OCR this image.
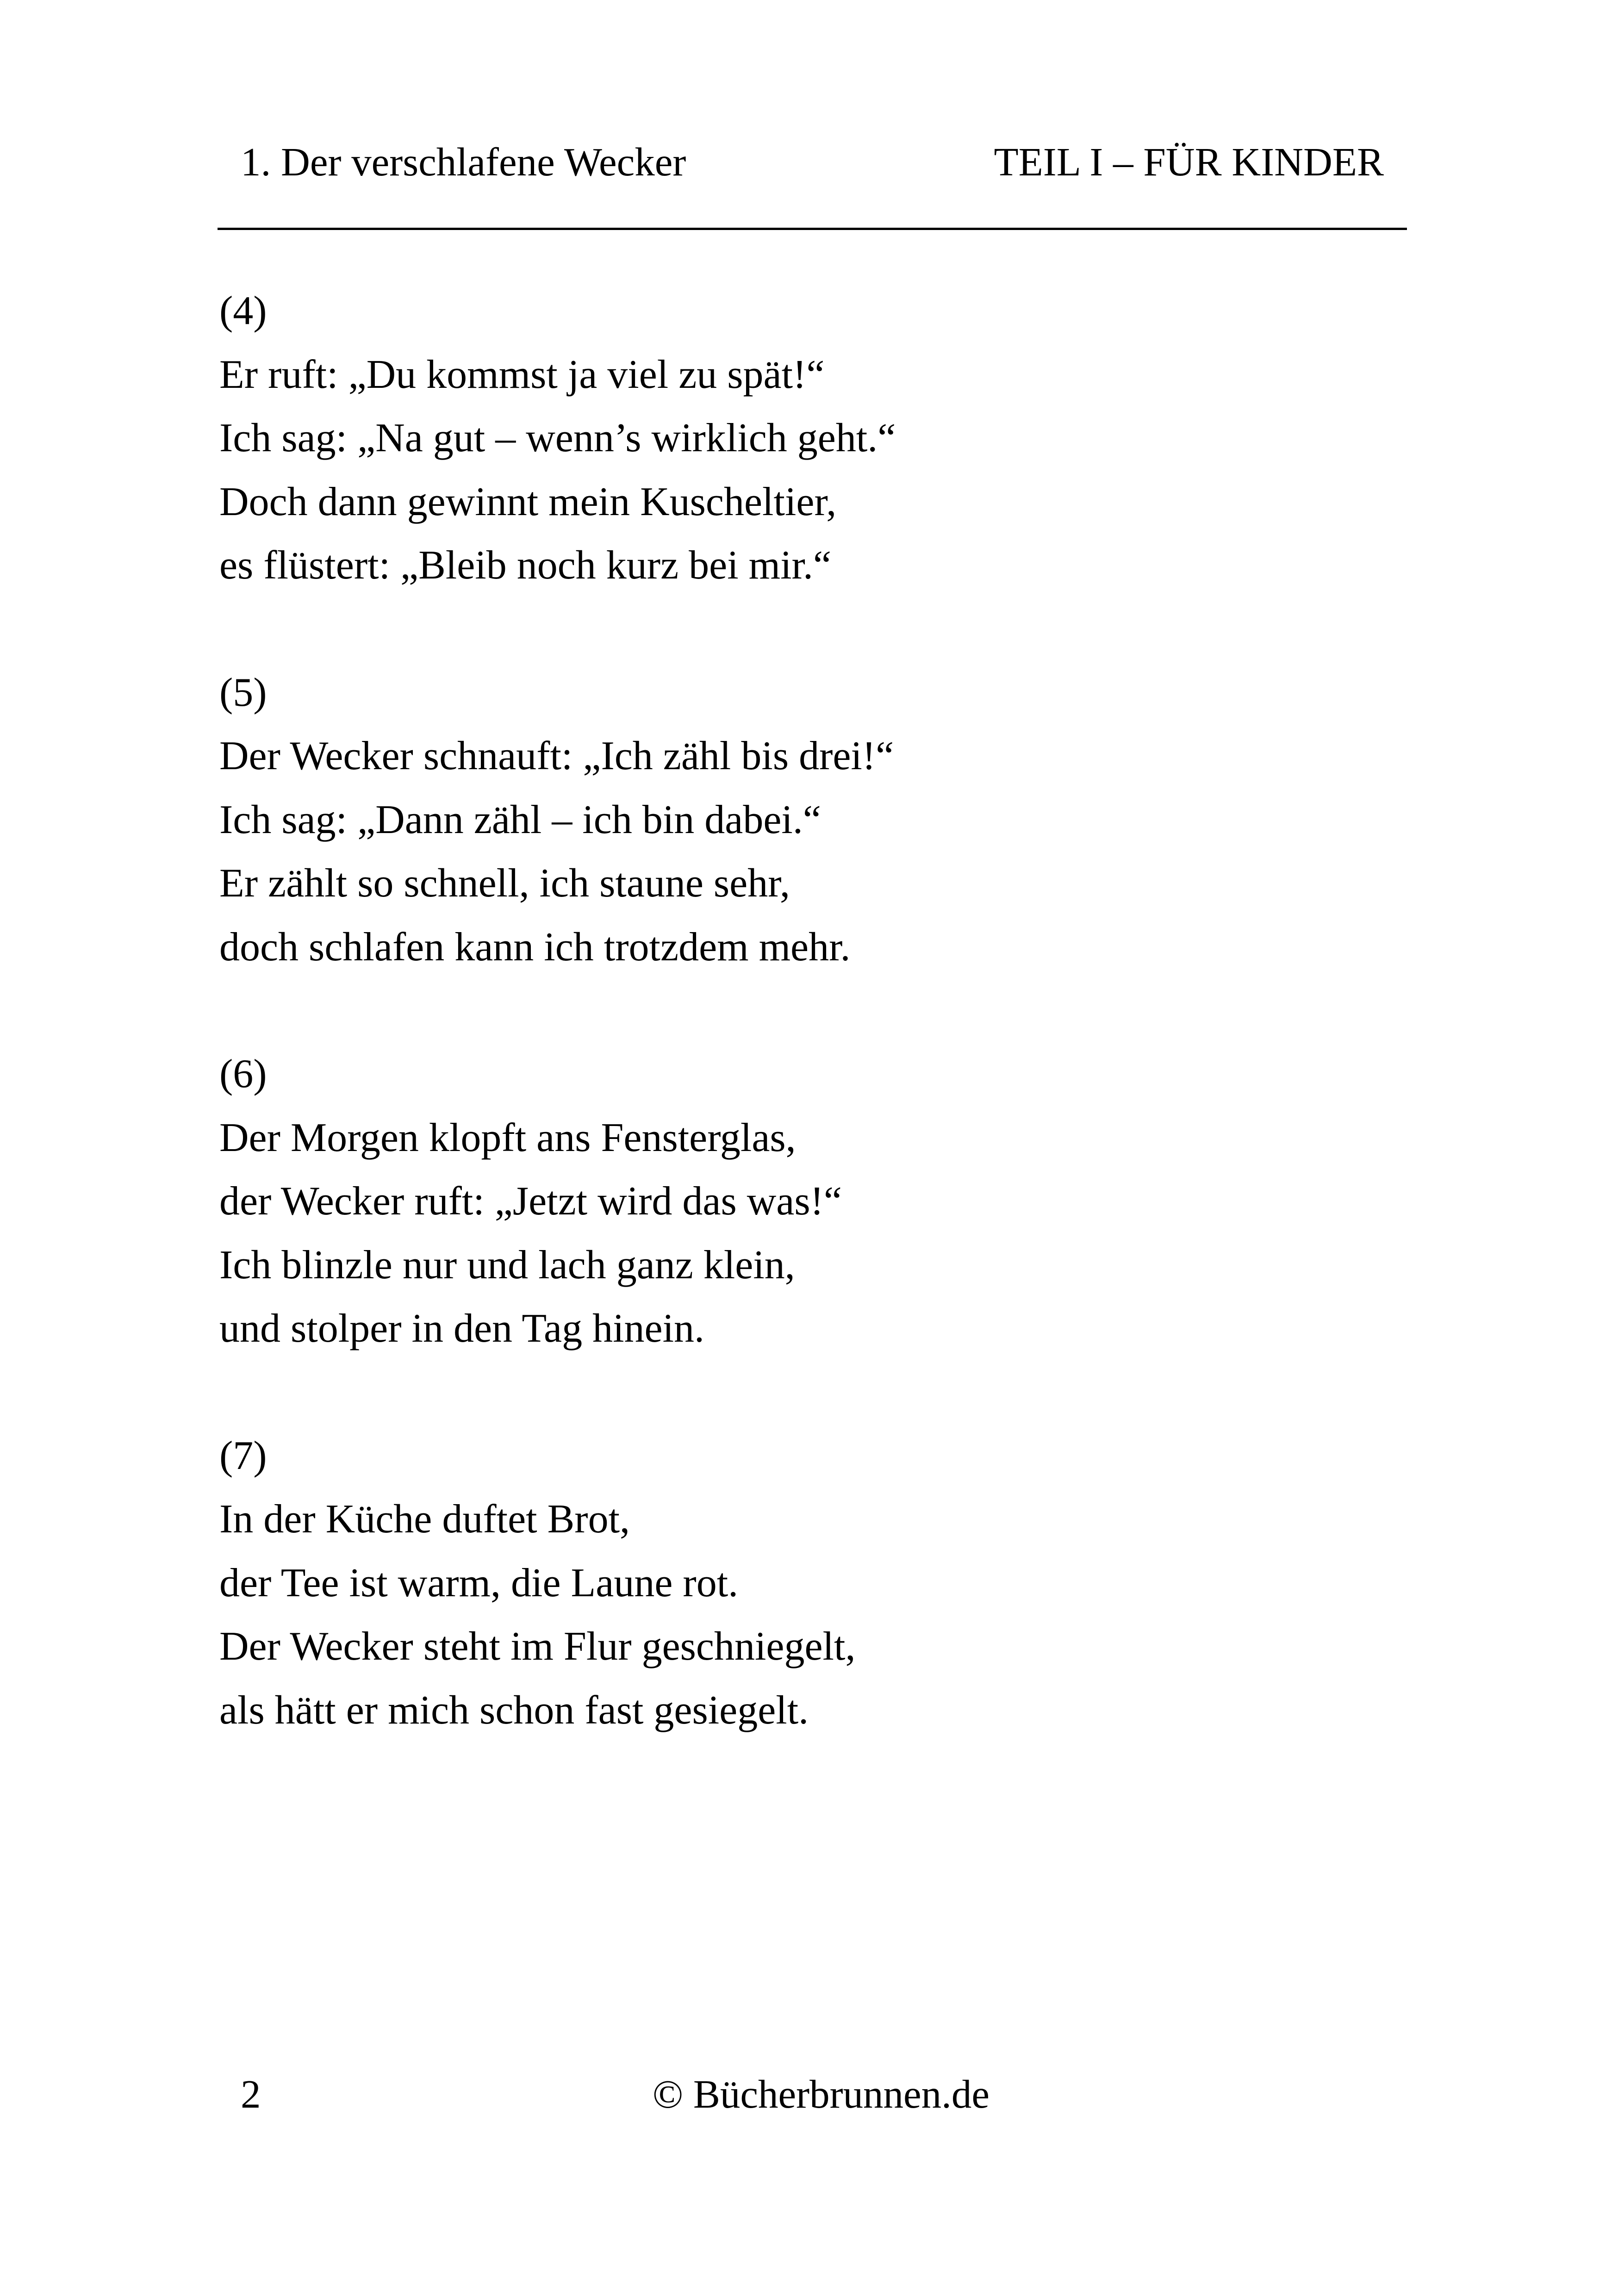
1. Der verschlafene Wecker	TEIL I – FÜR KINDER
(4)
Er ruft: „Du kommst ja viel zu spät!“
Ich sag: „Na gut – wenn’s wirklich geht.“
Doch dann gewinnt mein Kuscheltier,
es flüstert: „Bleib noch kurz bei mir.“
(5)
Der Wecker schnauft: „Ich zähl bis drei!“
Ich sag: „Dann zähl – ich bin dabei.“
Er zählt so schnell, ich staune sehr,
doch schlafen kann ich trotzdem mehr.
(6)
Der Morgen klopft ans Fensterglas,
der Wecker ruft: „Jetzt wird das was!“
Ich blinzle nur und lach ganz klein,
und stolper in den Tag hinein.
(7)
In der Küche duftet Brot,
der Tee ist warm, die Laune rot.
Der Wecker steht im Flur geschniegelt,
als hätt er mich schon fast gesiegelt.
2	© Bücherbrunnen.de
